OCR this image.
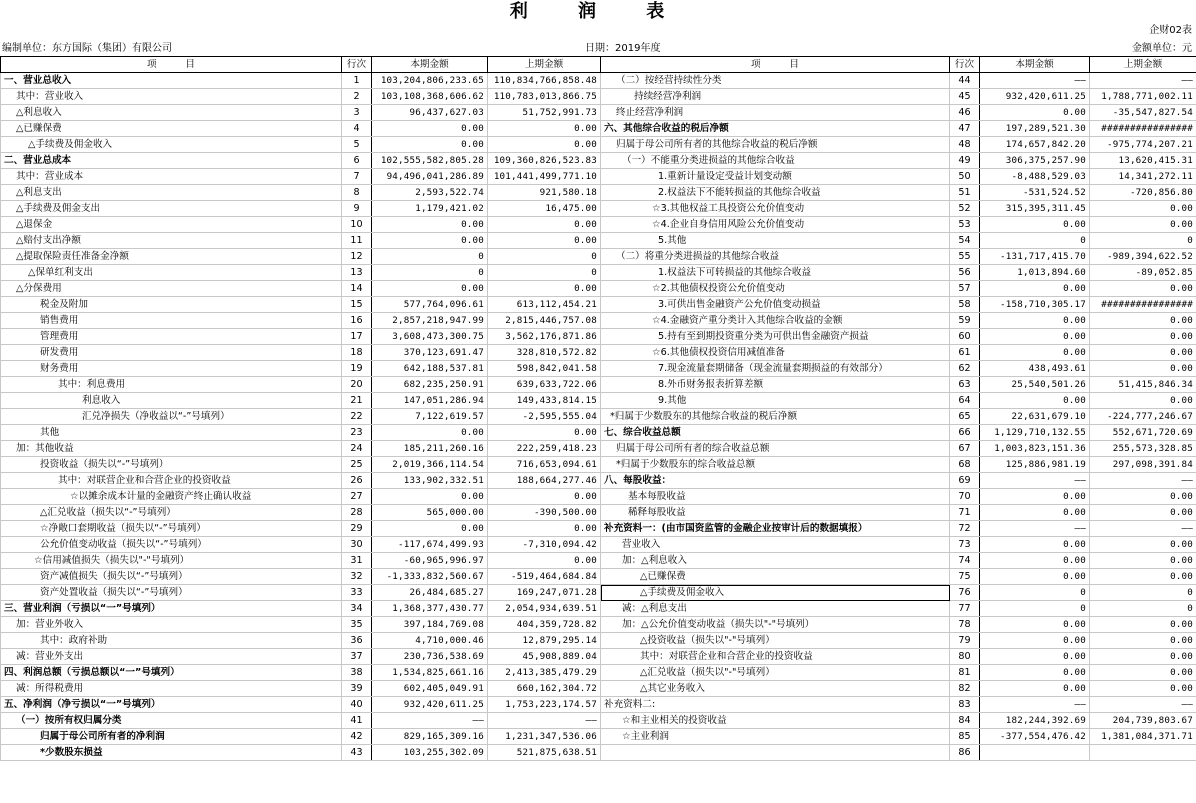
利 润 表
企财02表
编制单位：东方国际（集团）有限公司	日期：2019年度	金额单位：元
项　　　目	行次	本期金额	上期金额	项　　　目	行次	本期金额	上期金额
一、营业总收入	1	103,204,806,233.65	110,834,766,858.48	（二）按经营持续性分类	44	——	——
其中：营业收入	2	103,108,368,606.62	110,783,013,866.75	持续经营净利润	45	932,420,611.25	1,788,771,002.11
△利息收入	3	96,437,627.03	51,752,991.73	终止经营净利润	46	0.00	-35,547,827.54
△已赚保费	4	0.00	0.00	六、其他综合收益的税后净额	47	197,289,521.30	################
△手续费及佣金收入	5	0.00	0.00	归属于母公司所有者的其他综合收益的税后净额	48	174,657,842.20	-975,774,207.21
二、营业总成本	6	102,555,582,805.28	109,360,826,523.83	（一）不能重分类进损益的其他综合收益	49	306,375,257.90	13,620,415.31
其中：营业成本	7	94,496,041,286.89	101,441,499,771.10	1.重新计量设定受益计划变动额	50	-8,488,529.03	14,341,272.11
△利息支出	8	2,593,522.74	921,580.18	2.权益法下不能转损益的其他综合收益	51	-531,524.52	-720,856.80
△手续费及佣金支出	9	1,179,421.02	16,475.00	☆3.其他权益工具投资公允价值变动	52	315,395,311.45	0.00
△退保金	10	0.00	0.00	☆4.企业自身信用风险公允价值变动	53	0.00	0.00
△赔付支出净额	11	0.00	0.00	5.其他	54	0	0
△提取保险责任准备金净额	12	0	0	（二）将重分类进损益的其他综合收益	55	-131,717,415.70	-989,394,622.52
△保单红利支出	13	0	0	1.权益法下可转损益的其他综合收益	56	1,013,894.60	-89,052.85
△分保费用	14	0.00	0.00	☆2.其他债权投资公允价值变动	57	0.00	0.00
税金及附加	15	577,764,096.61	613,112,454.21	3.可供出售金融资产公允价值变动损益	58	-158,710,305.17	################
销售费用	16	2,857,218,947.99	2,815,446,757.08	☆4.金融资产重分类计入其他综合收益的金额	59	0.00	0.00
管理费用	17	3,608,473,300.75	3,562,176,871.86	5.持有至到期投资重分类为可供出售金融资产损益	60	0.00	0.00
研发费用	18	370,123,691.47	328,810,572.82	☆6.其他债权投资信用减值准备	61	0.00	0.00
财务费用	19	642,188,537.81	598,842,041.58	7.现金流量套期储备（现金流量套期损益的有效部分）	62	438,493.61	0.00
其中：利息费用	20	682,235,250.91	639,633,722.06	8.外币财务报表折算差额	63	25,540,501.26	51,415,846.34
利息收入	21	147,051,286.94	149,433,814.15	9.其他	64	0.00	0.00
汇兑净损失（净收益以“-”号填列）	22	7,122,619.57	-2,595,555.04	*归属于少数股东的其他综合收益的税后净额	65	22,631,679.10	-224,777,246.67
其他	23	0.00	0.00	七、综合收益总额	66	1,129,710,132.55	552,671,720.69
加：其他收益	24	185,211,260.16	222,259,418.23	归属于母公司所有者的综合收益总额	67	1,003,823,151.36	255,573,328.85
投资收益（损失以“-”号填列）	25	2,019,366,114.54	716,653,094.61	*归属于少数股东的综合收益总额	68	125,886,981.19	297,098,391.84
其中：对联营企业和合营企业的投资收益	26	133,902,332.51	188,664,277.46	八、每股收益：	69	——	——
☆以摊余成本计量的金融资产终止确认收益	27	0.00	0.00	基本每股收益	70	0.00	0.00
△汇兑收益（损失以“-”号填列）	28	565,000.00	-390,500.00	稀释每股收益	71	0.00	0.00
☆净敞口套期收益（损失以“-”号填列）	29	0.00	0.00	补充资料一：(由市国资监管的金融企业按审计后的数据填报）	72	——	——
公允价值变动收益（损失以“-”号填列）	30	-117,674,499.93	-7,310,094.42	营业收入	73	0.00	0.00
☆信用减值损失（损失以"-"号填列）	31	-60,965,996.97	0.00	加：△利息收入	74	0.00	0.00
资产减值损失（损失以“-”号填列）	32	-1,333,832,560.67	-519,464,684.84	△已赚保费	75	0.00	0.00
资产处置收益（损失以“-”号填列）	33	26,484,685.27	169,247,071.28	△手续费及佣金收入	76	0	0
三、营业利润（亏损以“一”号填列）	34	1,368,377,430.77	2,054,934,639.51	减：△利息支出	77	0	0
加：营业外收入	35	397,184,769.08	404,359,728.82	加：△公允价值变动收益（损失以"-"号填列）	78	0.00	0.00
其中：政府补助	36	4,710,000.46	12,879,295.14	△投资收益（损失以"-"号填列）	79	0.00	0.00
减：营业外支出	37	230,736,538.69	45,908,889.04	其中：对联营企业和合营企业的投资收益	80	0.00	0.00
四、利润总额（亏损总额以“一”号填列）	38	1,534,825,661.16	2,413,385,479.29	△汇兑收益（损失以"-"号填列）	81	0.00	0.00
减：所得税费用	39	602,405,049.91	660,162,304.72	△其它业务收入	82	0.00	0.00
五、净利润（净亏损以“一”号填列）	40	932,420,611.25	1,753,223,174.57	补充资料二:	83	——	——
（一）按所有权归属分类	41	——	——	☆和主业相关的投资收益	84	182,244,392.69	204,739,803.67
归属于母公司所有者的净利润	42	829,165,309.16	1,231,347,536.06	☆主业利润	85	-377,554,476.42	1,381,084,371.71
*少数股东损益	43	103,255,302.09	521,875,638.51		86		
